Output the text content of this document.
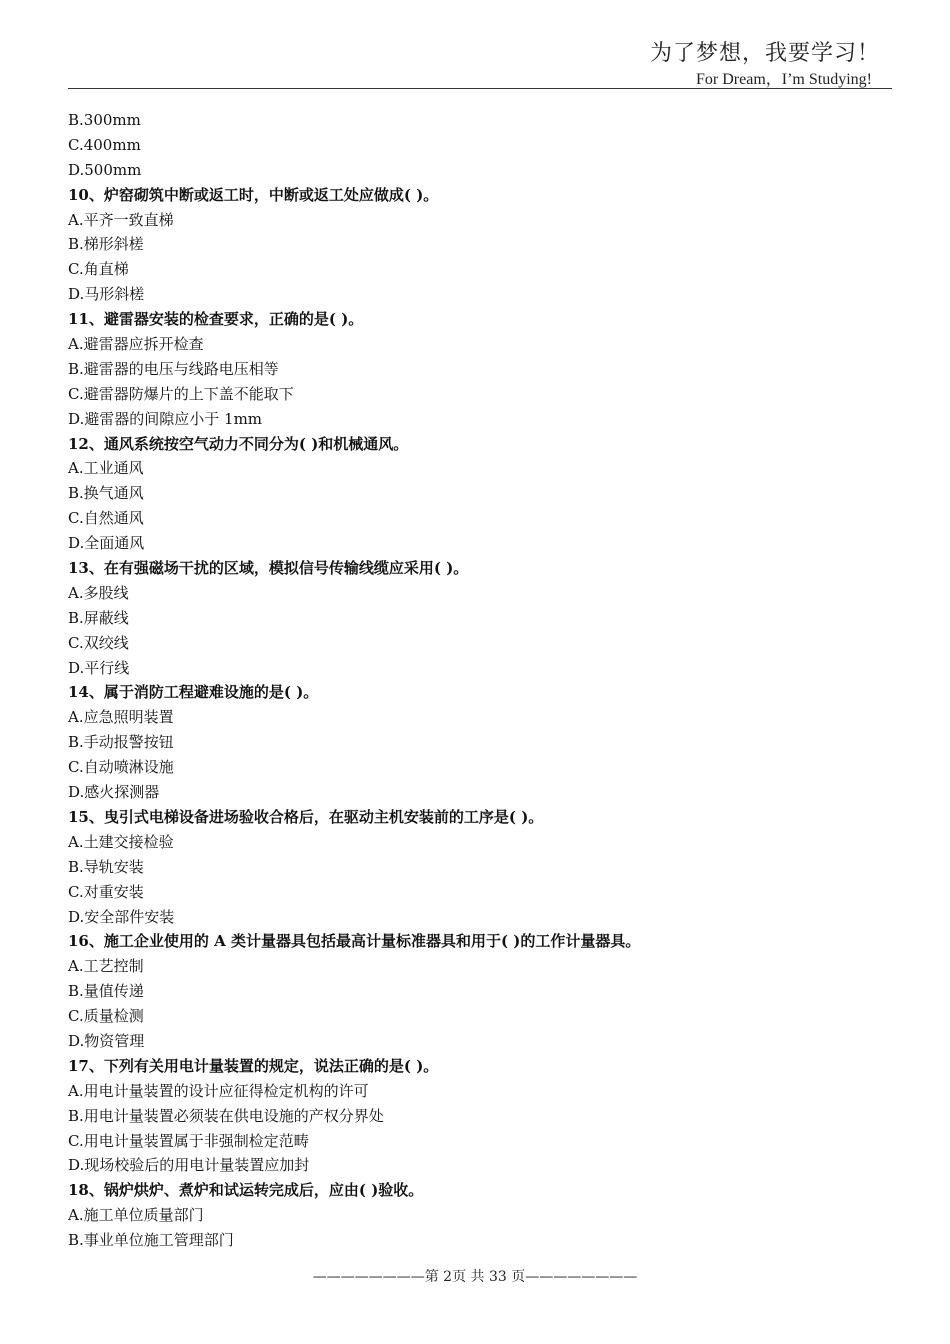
为了梦想，我要学习！
For Dream，I’m Studying!
B.300mm
C.400mm
D.500mm
10、炉窑砌筑中断或返工时，中断或返工处应做成( )。
A.平齐一致直梯
B.梯形斜槎
C.角直梯
D.马形斜槎
11、避雷器安装的检查要求，正确的是( )。
A.避雷器应拆开检查
B.避雷器的电压与线路电压相等
C.避雷器防爆片的上下盖不能取下
D.避雷器的间隙应小于 1mm
12、通风系统按空气动力不同分为( )和机械通风。
A.工业通风
B.换气通风
C.自然通风
D.全面通风
13、在有强磁场干扰的区域，模拟信号传输线缆应采用( )。
A.多股线
B.屏蔽线
C.双绞线
D.平行线
14、属于消防工程避难设施的是( )。
A.应急照明装置
B.手动报警按钮
C.自动喷淋设施
D.感火探测器
15、曳引式电梯设备进场验收合格后，在驱动主机安装前的工序是( )。
A.土建交接检验
B.导轨安装
C.对重安装
D.安全部件安装
16、施工企业使用的 A 类计量器具包括最高计量标准器具和用于( )的工作计量器具。
A.工艺控制
B.量值传递
C.质量检测
D.物资管理
17、下列有关用电计量装置的规定，说法正确的是( )。
A.用电计量装置的设计应征得检定机构的许可
B.用电计量装置必须装在供电设施的产权分界处
C.用电计量装置属于非强制检定范畴
D.现场校验后的用电计量装置应加封
18、锅炉烘炉、煮炉和试运转完成后，应由( )验收。
A.施工单位质量部门
B.事业单位施工管理部门
————————第 2页 共 33 页————————
